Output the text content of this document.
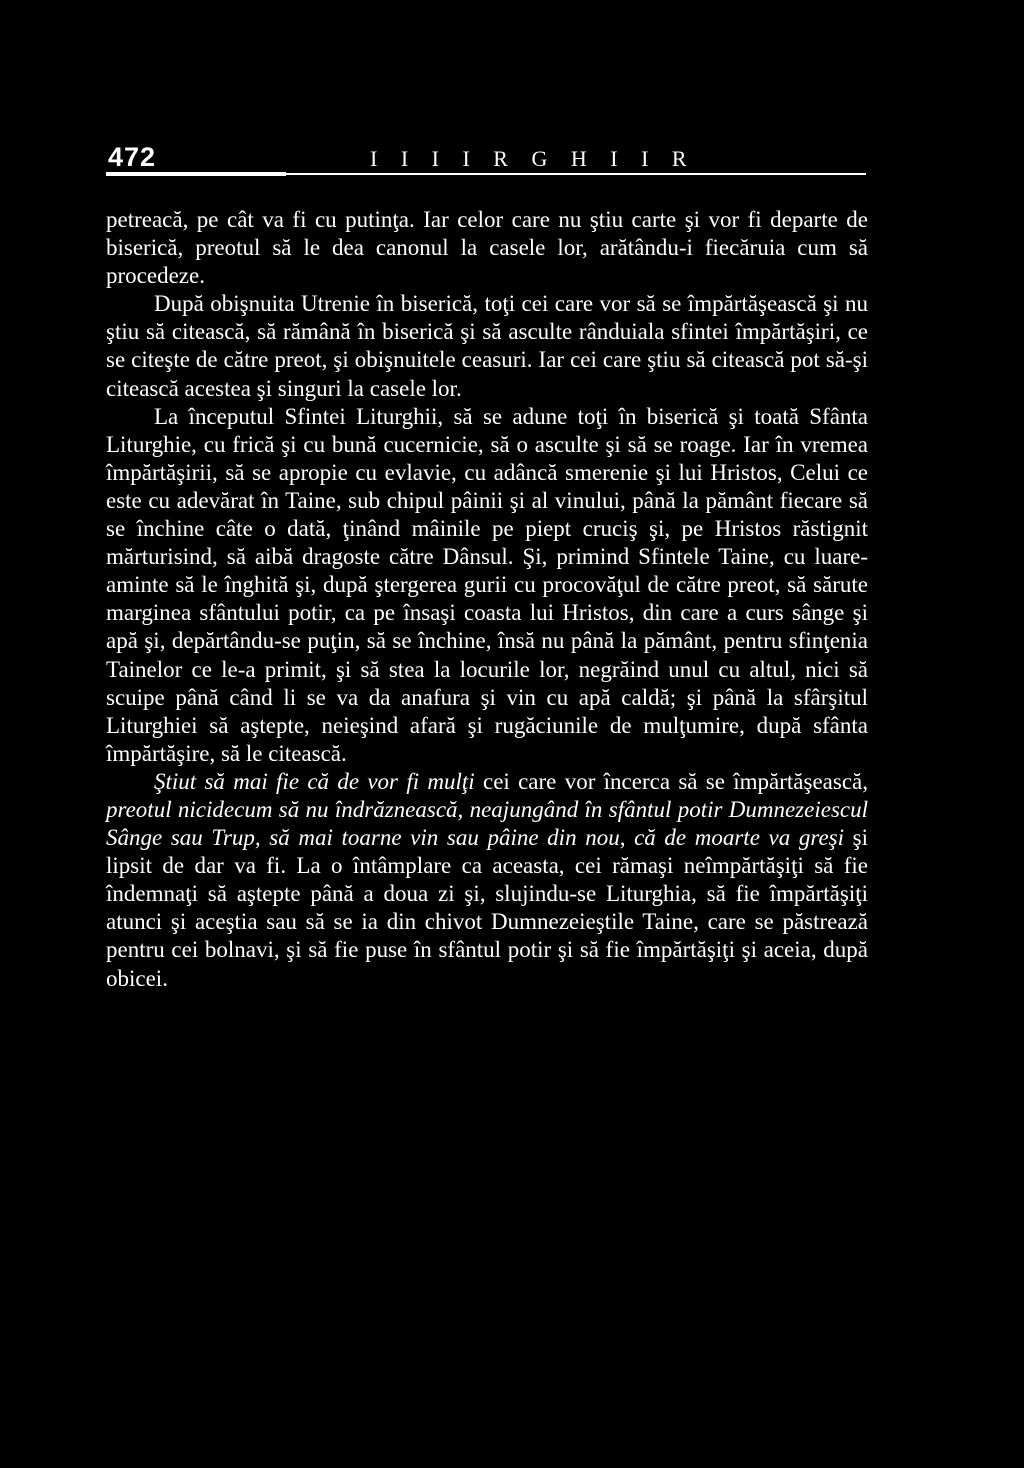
472	I I I I R G H I I R

petreacă, pe cât va fi cu putinţa. Iar celor care nu ştiu carte şi vor fi departe de biserică, preotul să le dea canonul la casele lor, arătându-i fiecăruia cum să procedeze.

După obişnuita Utrenie în biserică, toţi cei care vor să se împărtăşească şi nu ştiu să citească, să rămână în biserică şi să asculte rânduiala sfintei împărtăşiri, ce se citeşte de către preot, şi obişnuitele ceasuri. Iar cei care ştiu să citească pot să-şi citească acestea şi singuri la casele lor.

La începutul Sfintei Liturghii, să se adune toţi în biserică şi toată Sfânta Liturghie, cu frică şi cu bună cucernicie, să o asculte şi să se roage. Iar în vremea împărtăşirii, să se apropie cu evlavie, cu adâncă smerenie şi lui Hristos, Celui ce este cu adevărat în Taine, sub chipul pâinii şi al vinului, până la pământ fiecare să se închine câte o dată, ţinând mâinile pe piept cruciş şi, pe Hristos răstignit mărturisind, să aibă dragoste către Dânsul. Şi, primind Sfintele Taine, cu luare-aminte să le înghită şi, după ştergerea gurii cu procovăţul de către preot, să sărute marginea sfântului potir, ca pe însaşi coasta lui Hristos, din care a curs sânge şi apă şi, depărtându-se puţin, să se închine, însă nu până la pământ, pentru sfinţenia Tainelor ce le-a primit, şi să stea la locurile lor, negrăind unul cu altul, nici să scuipe până când li se va da anafura şi vin cu apă caldă; şi până la sfârşitul Liturghiei să aştepte, neieşind afară şi rugăciunile de mulţumire, după sfânta împărtăşire, să le citească.

Ştiut să mai fie că de vor fi mulţi cei care vor încerca să se împărtăşească, preotul nicidecum să nu îndrăznească, neajungând în sfântul potir Dumnezeiescul Sânge sau Trup, să mai toarne vin sau pâine din nou, că de moarte va greşi şi lipsit de dar va fi. La o întâmplare ca aceasta, cei rămaşi neîmpărtăşiţi să fie îndemnaţi să aştepte până a doua zi şi, slujindu-se Liturghia, să fie împărtăşiţi atunci şi aceştia sau să se ia din chivot Dumnezeieştile Taine, care se păstrează pentru cei bolnavi, şi să fie puse în sfântul potir şi să fie împărtăşiţi şi aceia, după obicei.
